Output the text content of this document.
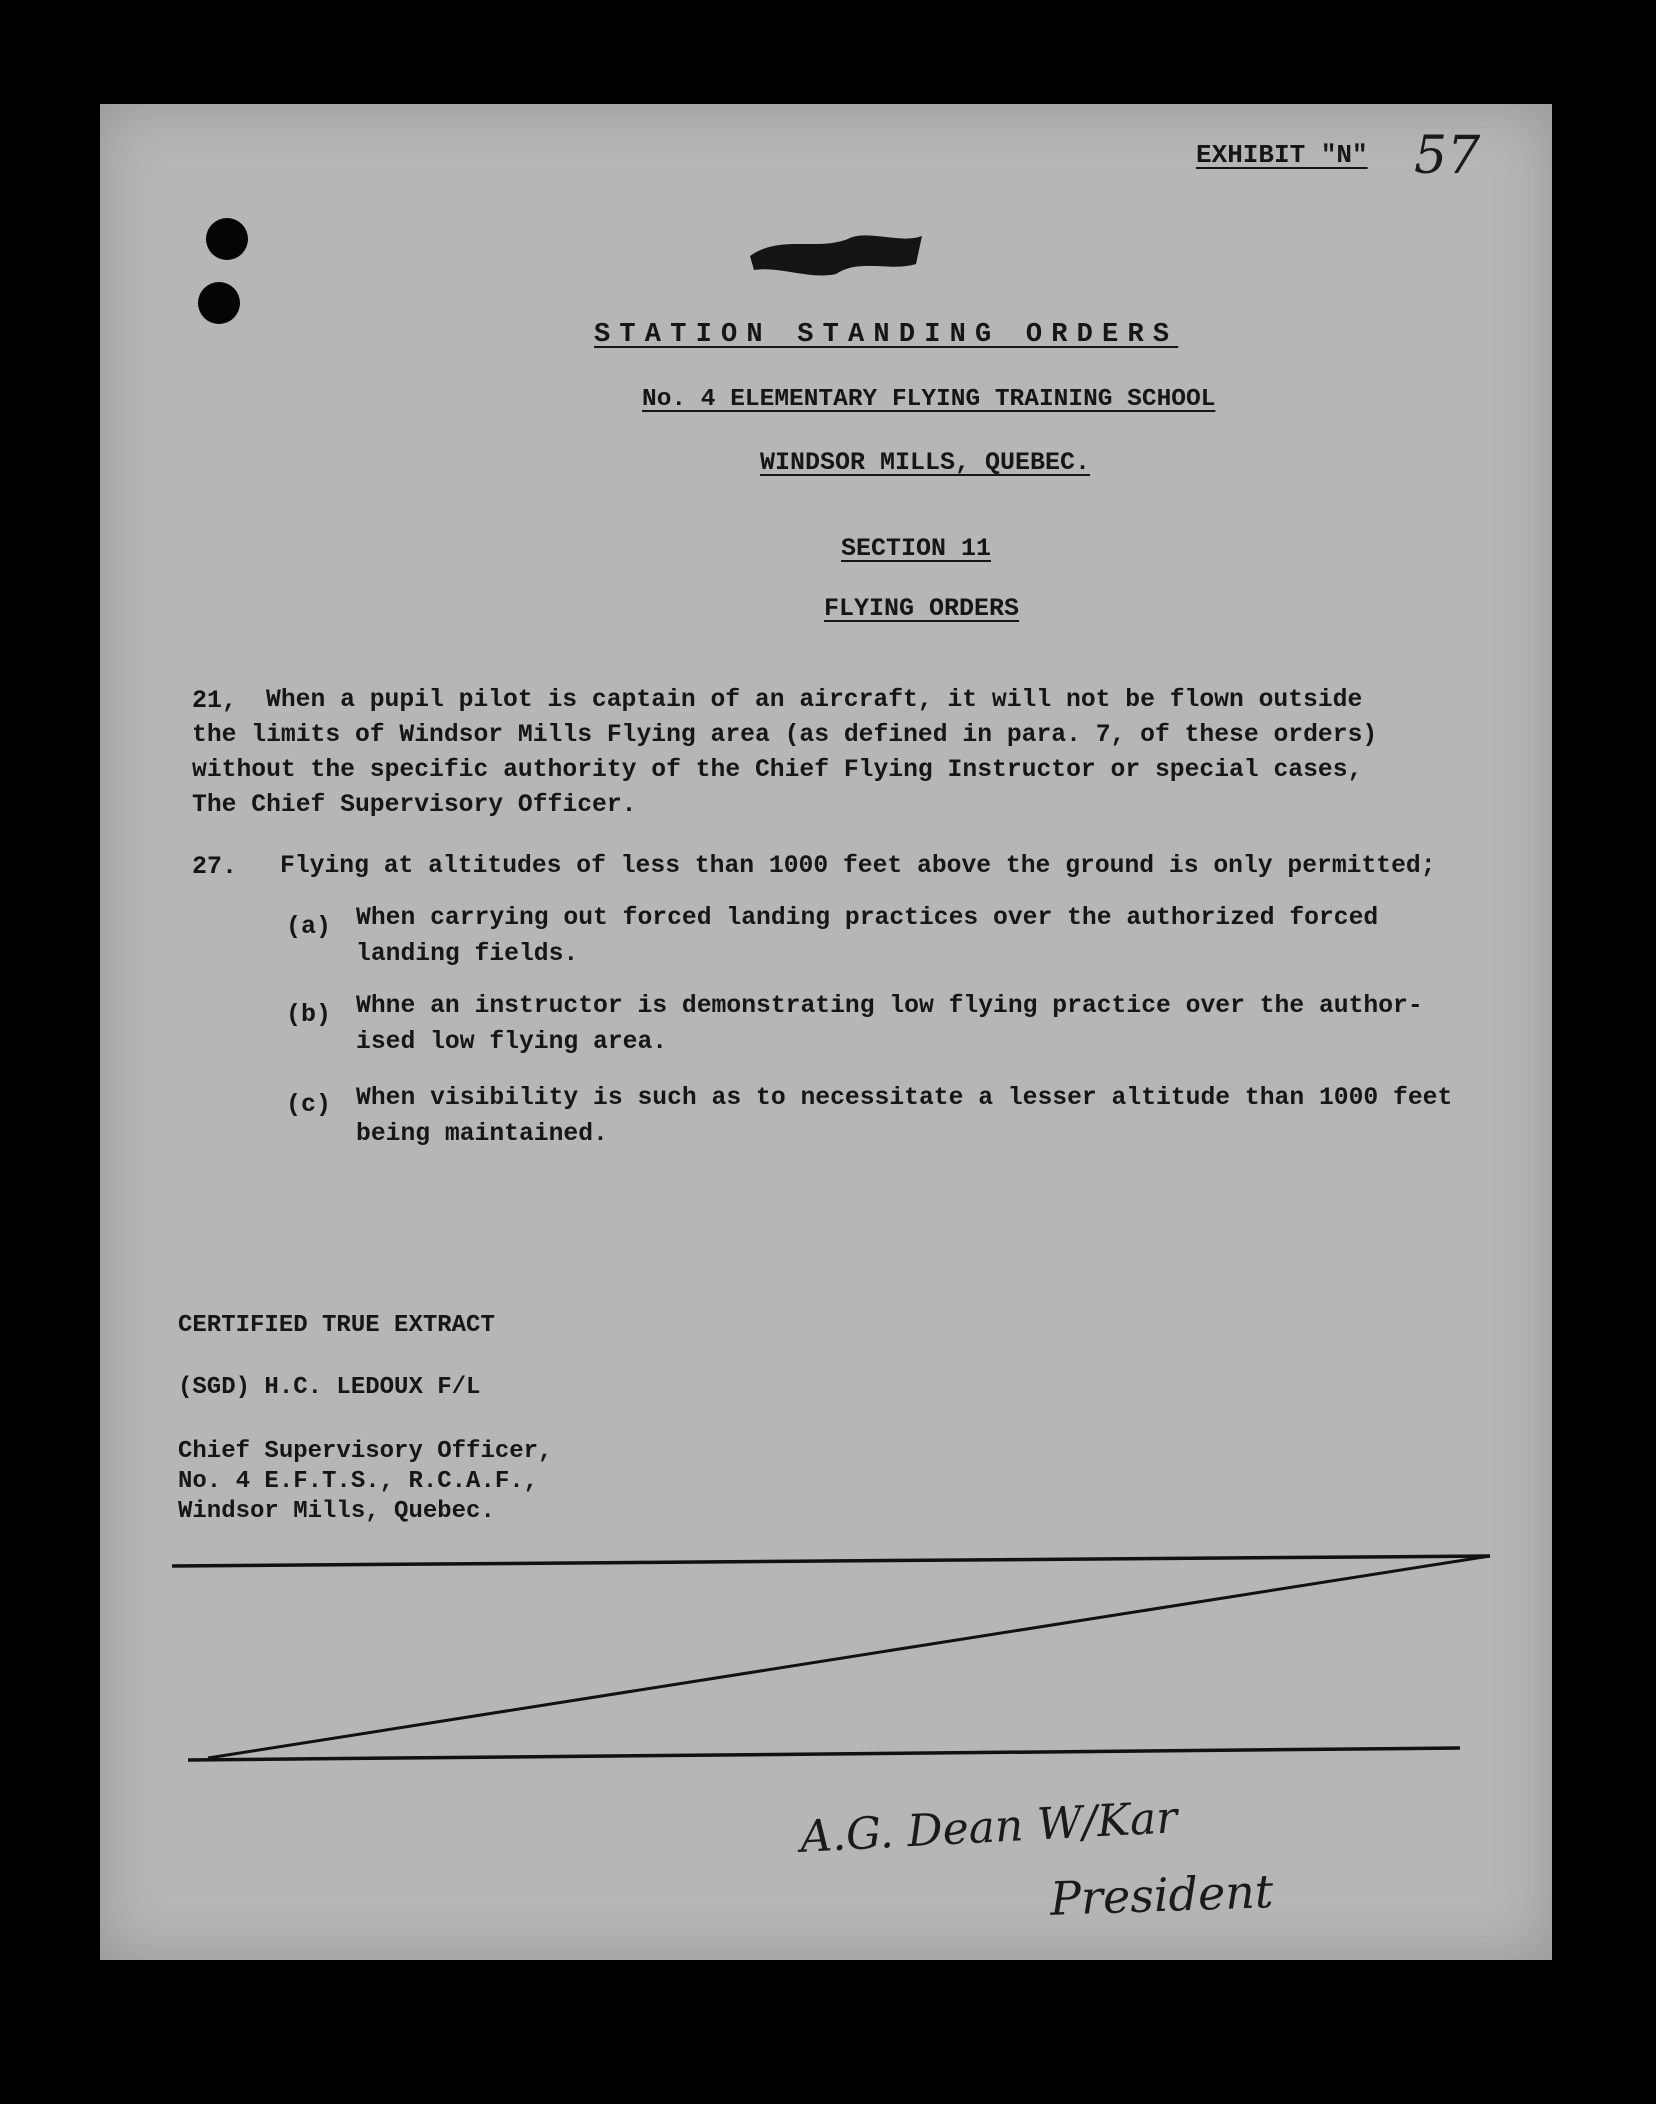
EXHIBIT "N" 57
STATION STANDING ORDERS
No. 4 ELEMENTARY FLYING TRAINING SCHOOL
WINDSOR MILLS, QUEBEC.
SECTION 11
FLYING ORDERS
21, When a pupil pilot is captain of an aircraft, it will not be flown outside
the limits of Windsor Mills Flying area (as defined in para. 7, of these orders)
without the specific authority of the Chief Flying Instructor or special cases,
The Chief Supervisory Officer.
27. Flying at altitudes of less than 1000 feet above the ground is only permitted;
(a) When carrying out forced landing practices over the authorized forced
landing fields.
(b) Whne an instructor is demonstrating low flying practice over the author-
ised low flying area.
(c) When visibility is such as to necessitate a lesser altitude than 1000 feet
being maintained.
CERTIFIED TRUE EXTRACT
(SGD) H.C. LEDOUX F/L
Chief Supervisory Officer,
No. 4 E.F.T.S., R.C.A.F.,
Windsor Mills, Quebec.
A.G. Dean W/Kar
President
